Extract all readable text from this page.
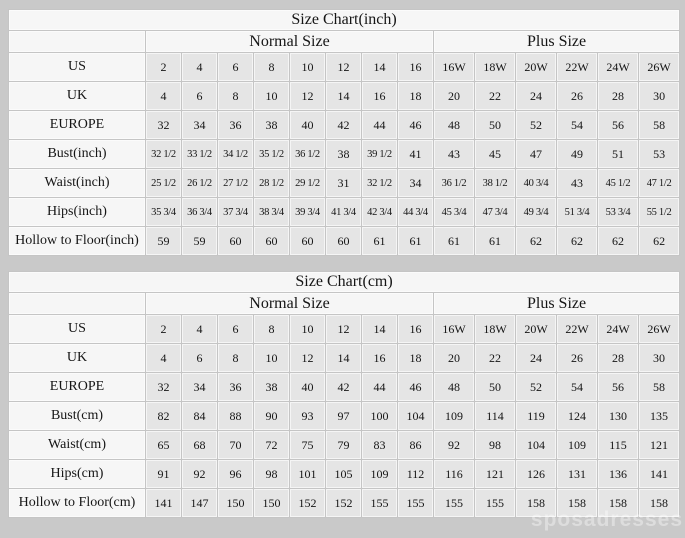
Size Chart(inch)														
	Normal Size								Plus Size					
US	2	4	6	8	10	12	14	16	16W	18W	20W	22W	24W	26W
UK	4	6	8	10	12	14	16	18	20	22	24	26	28	30
EUROPE	32	34	36	38	40	42	44	46	48	50	52	54	56	58
Bust(inch)	32 1/2	33 1/2	34 1/2	35 1/2	36 1/2	38	39 1/2	41	43	45	47	49	51	53
Waist(inch)	25 1/2	26 1/2	27 1/2	28 1/2	29 1/2	31	32 1/2	34	36 1/2	38 1/2	40 3/4	43	45 1/2	47 1/2
Hips(inch)	35 3/4	36 3/4	37 3/4	38 3/4	39 3/4	41 3/4	42 3/4	44 3/4	45 3/4	47 3/4	49 3/4	51 3/4	53 3/4	55 1/2
Hollow to Floor(inch)	59	59	60	60	60	60	61	61	61	61	62	62	62	62
Size Chart(cm)														
	Normal Size								Plus Size					
US	2	4	6	8	10	12	14	16	16W	18W	20W	22W	24W	26W
UK	4	6	8	10	12	14	16	18	20	22	24	26	28	30
EUROPE	32	34	36	38	40	42	44	46	48	50	52	54	56	58
Bust(cm)	82	84	88	90	93	97	100	104	109	114	119	124	130	135
Waist(cm)	65	68	70	72	75	79	83	86	92	98	104	109	115	121
Hips(cm)	91	92	96	98	101	105	109	112	116	121	126	131	136	141
Hollow to Floor(cm)	141	147	150	150	152	152	155	155	155	155	158	158	158	158
sposadresses
